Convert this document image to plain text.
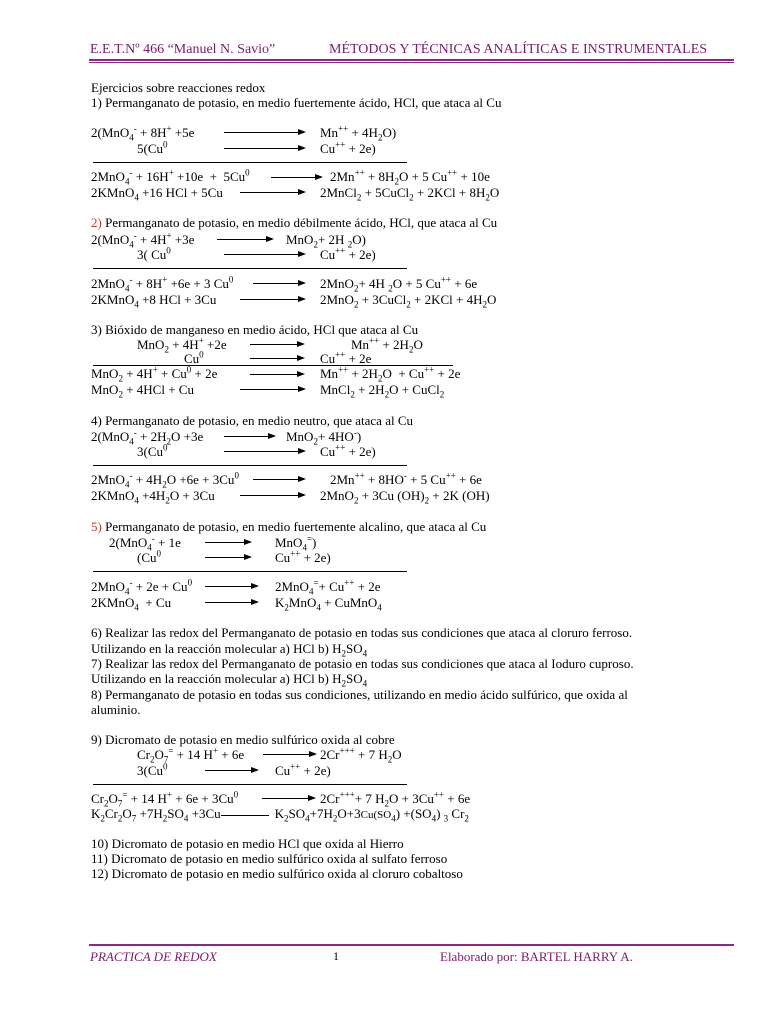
E.E.T.Nº 466 “Manuel N. Savio”	MÉTODOS Y TÉCNICAS ANALÍTICAS E INSTRUMENTALES
Ejercicios sobre reacciones redox
1) Permanganato de potasio, en medio fuertemente ácido, HCl, que ataca al Cu
2(MnO$_4$- + 8H+ +5e	$Mn^{++} + 4H_2O$)
5(Cu$^0$	Cu++ + 2e)
2MnO$_4$- + 16H+ +10e  +  5Cu$^0$	$2Mn^{++} + 8H_2O + 5$ Cu++ + 10e
2KMnO$_4$ +16 HCl + 5Cu	2MnCl$_2$ + 5CuCl$_2$ + $2KCl + 8H_2O$
2) Permanganato de potasio, en medio débilmente ácido, HCl, que ataca al Cu
2(MnO$_4$- + 4H+ +3e	MnO$_2$+ 2H $_2$O)
3( Cu$^0$	Cu++ + 2e)
2MnO$_4$- + 8H+ +6e + 3 Cu$^0$	2MnO$_2$+ 4H $_2$O + 5 Cu++ + 6e
2KMnO$_4$ +8 HCl + 3Cu	2MnO$_2$ + 3CuCl$_2$ + $2KCl + 4H_2O$
3) Bióxido de manganeso en medio ácido, HCl que ataca al Cu
MnO$_2$ + 4H+ +2e	$Mn^{++} + 2H_2O$
Cu$^0$	Cu++ + 2e
$MnO_2 + 4H^+ + Cu^0 + 2e$	$Mn^{++} + 2H_2O + Cu^{++} + 2e$
MnO$_2$ + 4HCl + Cu	MnCl$_2$ + $2H_2O$ + CuCl$_2$
4) Permanganato de potasio, en medio neutro, que ataca al Cu
$2(MnO_4^- + 2H_2O +3e$	MnO$_2$+ 4HO-)
3(Cu$^0$	Cu++ + 2e)
$2MnO_4^- + 4H_2O +6e + 3Cu^0$	2Mn++ + 8HO- + 5 Cu++ + 6e
2KMnO$_4$ $+4H_2O + 3Cu$	2MnO$_2$ + 3Cu $(OH)_2 + 2K$ (OH)
5) Permanganato de potasio, en medio fuertemente alcalino, que ataca al Cu
2(MnO$_4$- + 1e	MnO$_4$=)
(Cu$^0$	Cu++ + 2e)
$2MnO_4^- + 2e + Cu^0$	2MnO$_4$=+ Cu++ + 2e
2KMnO$_4$  + Cu	$K_2MnO_4$ + CuMnO$_4$
6) Realizar las redox del Permanganato de potasio en todas sus condiciones que ataca al cloruro ferroso.
Utilizando en la reacción molecular a) HCl b) $H_2SO_4$
7) Realizar las redox del Permanganato de potasio en todas sus condiciones que ataca al Ioduro cuproso.
Utilizando en la reacción molecular a) HCl b) $H_2SO_4$
8) Permanganato de potasio en todas sus condiciones, utilizando en medio ácido sulfúrico, que oxida al
aluminio.
9) Dicromato de potasio en medio sulfúrico oxida al cobre
$Cr_2O_7^= + 14$ H+ + 6e	2Cr+++ + 7 $H_2O$
3(Cu$^0$	Cu++ + 2e)
$Cr_2O_7^= + 14$ $H^+ + 6e + 3Cu^0$	2Cr++++ 7 $H_2O + 3Cu^{++} + 6e$
$K_2Cr_2O_7 +7H_2SO_4 +3Cu$	$K_2SO_4+7H_2O+3Cu(SO_4) +(SO_4)$ $_3$ $Cr_2$
10) Dicromato de potasio en medio HCl que oxida al Hierro
11) Dicromato de potasio en medio sulfúrico oxida al sulfato ferroso
12) Dicromato de potasio en medio sulfúrico oxida al cloruro cobaltoso
PRACTICA DE REDOX	1	Elaborado por: BARTEL HARRY A.
